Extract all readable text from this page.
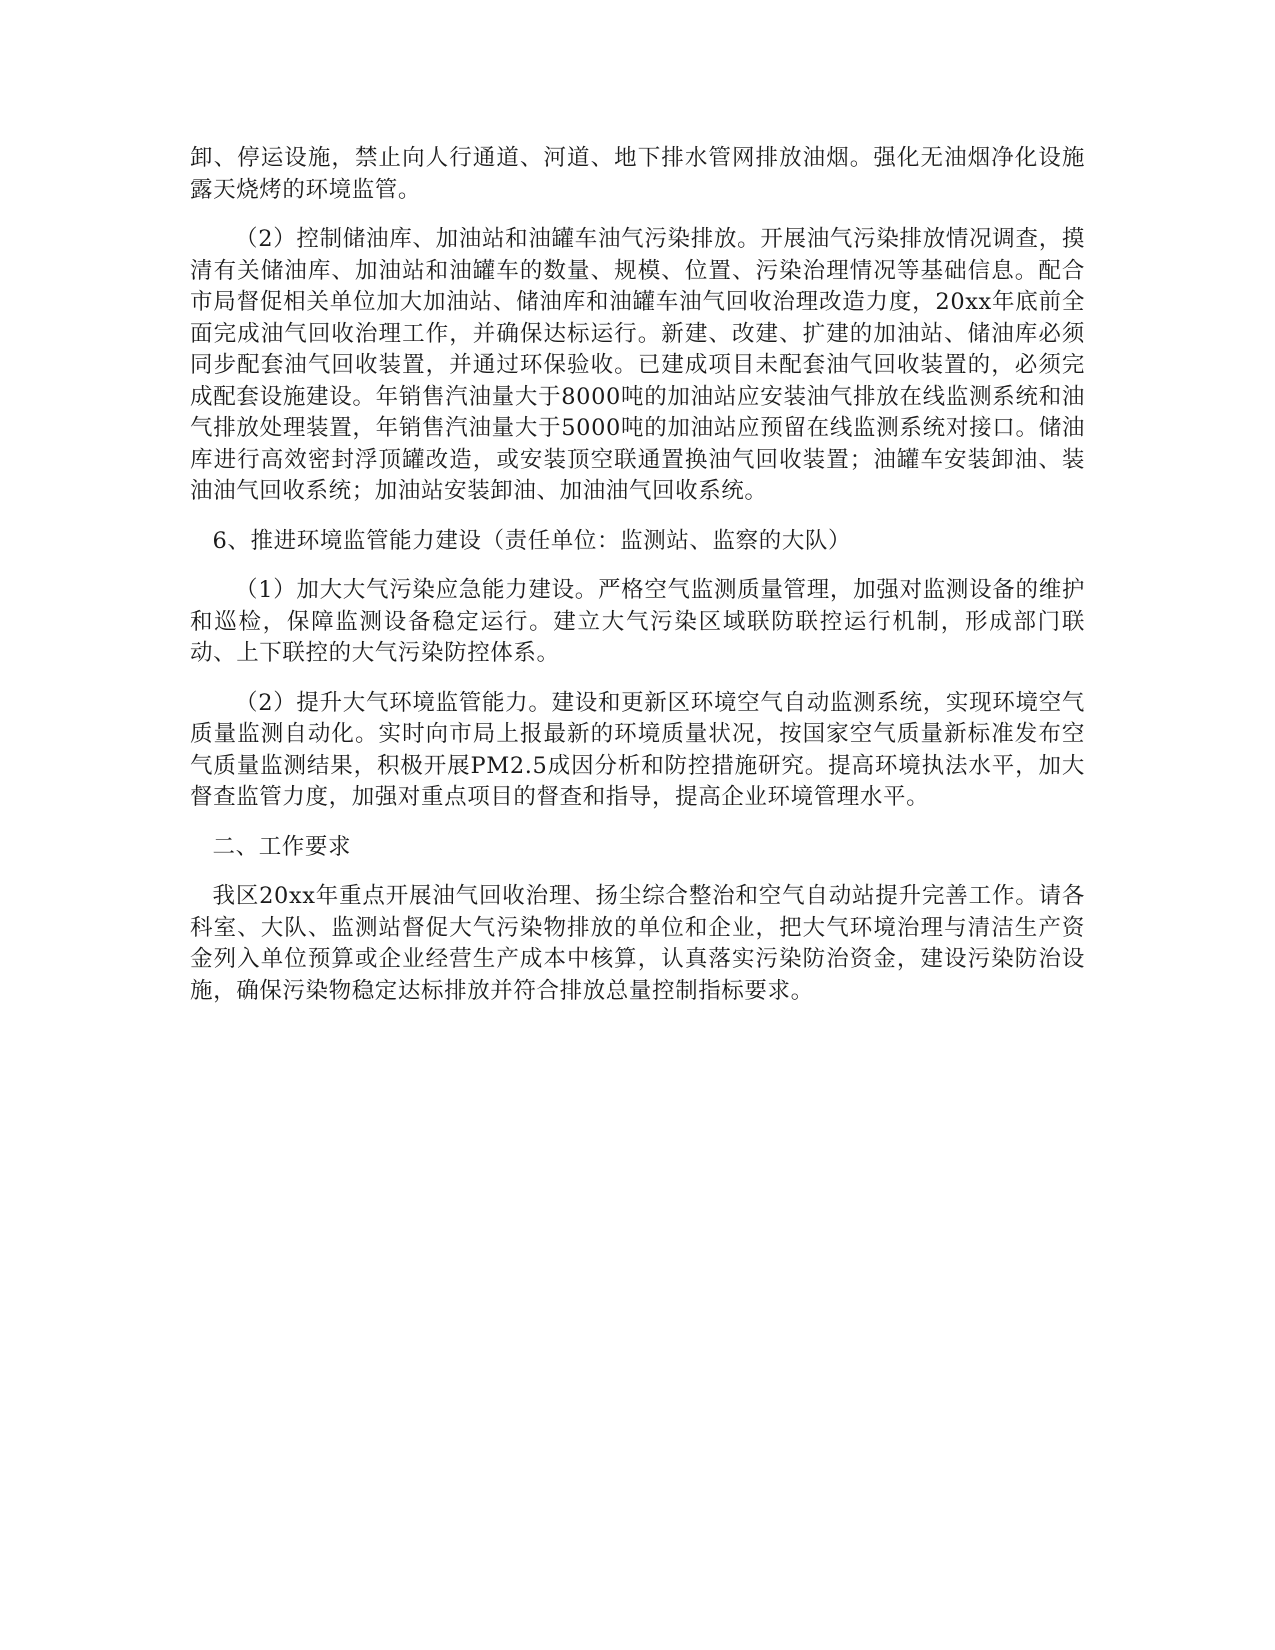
卸、停运设施，禁止向人行通道、河道、地下排水管网排放油烟。强化无油烟净化设施露天烧烤的环境监管。

（2）控制储油库、加油站和油罐车油气污染排放。开展油气污染排放情况调查，摸清有关储油库、加油站和油罐车的数量、规模、位置、污染治理情况等基础信息。配合市局督促相关单位加大加油站、储油库和油罐车油气回收治理改造力度，20xx年底前全面完成油气回收治理工作，并确保达标运行。新建、改建、扩建的加油站、储油库必须同步配套油气回收装置，并通过环保验收。已建成项目未配套油气回收装置的，必须完成配套设施建设。年销售汽油量大于8000吨的加油站应安装油气排放在线监测系统和油气排放处理装置，年销售汽油量大于5000吨的加油站应预留在线监测系统对接口。储油库进行高效密封浮顶罐改造，或安装顶空联通置换油气回收装置；油罐车安装卸油、装油油气回收系统；加油站安装卸油、加油油气回收系统。

6、推进环境监管能力建设（责任单位：监测站、监察的大队）

（1）加大大气污染应急能力建设。严格空气监测质量管理，加强对监测设备的维护和巡检，保障监测设备稳定运行。建立大气污染区域联防联控运行机制，形成部门联动、上下联控的大气污染防控体系。

（2）提升大气环境监管能力。建设和更新区环境空气自动监测系统，实现环境空气质量监测自动化。实时向市局上报最新的环境质量状况，按国家空气质量新标准发布空气质量监测结果，积极开展PM2.5成因分析和防控措施研究。提高环境执法水平，加大督查监管力度，加强对重点项目的督查和指导，提高企业环境管理水平。

二、工作要求

我区20xx年重点开展油气回收治理、扬尘综合整治和空气自动站提升完善工作。请各科室、大队、监测站督促大气污染物排放的单位和企业，把大气环境治理与清洁生产资金列入单位预算或企业经营生产成本中核算，认真落实污染防治资金，建设污染防治设施，确保污染物稳定达标排放并符合排放总量控制指标要求。
